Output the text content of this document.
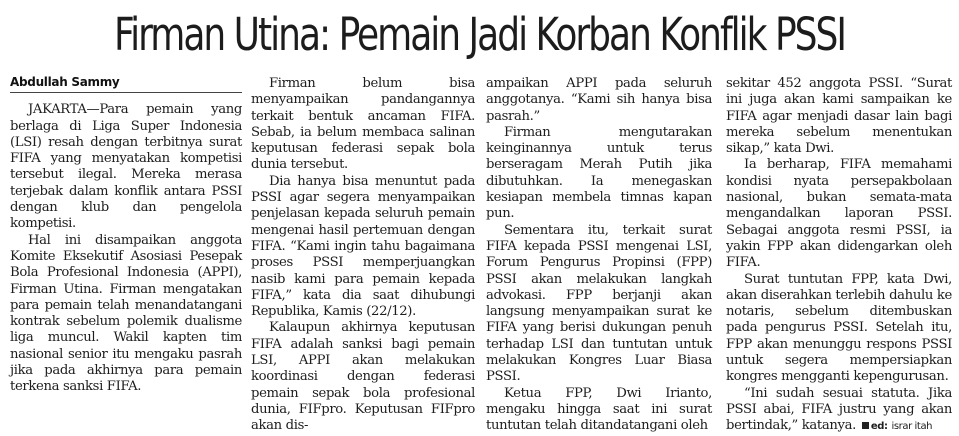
Firman Utina: Pemain Jadi Korban Konflik PSSI
Abdullah Sammy

JAKARTA—Para pemain yang berlaga di Liga Super Indonesia (LSI) resah dengan terbitnya surat FIFA yang menyatakan kompetisi tersebut ilegal. Mereka merasa terjebak dalam konflik antara PSSI dengan klub dan pengelola kompetisi.

Hal ini disampaikan anggota Komite Eksekutif Asosiasi Pesepak Bola Profesional Indonesia (APPI), Firman Utina. Firman mengatakan para pemain telah menandatangani kontrak sebelum polemik dualisme liga muncul. Wakil kapten tim nasional senior itu mengaku pasrah jika pada akhirnya para pemain terkena sanksi FIFA.

Firman belum bisa menyampaikan pandangannya terkait bentuk ancaman FIFA. Sebab, ia belum membaca salinan keputusan federasi sepak bola dunia tersebut.

Dia hanya bisa menuntut pada PSSI agar segera menyampaikan penjelasan kepada seluruh pemain mengenai hasil pertemuan dengan FIFA. “Kami ingin tahu bagaimana proses PSSI memperjuangkan nasib kami para pemain kepada FIFA,” kata dia saat dihubungi Republika, Kamis (22/12).

Kalaupun akhirnya keputusan FIFA adalah sanksi bagi pemain LSI, APPI akan melakukan koordinasi dengan federasi pemain sepak bola profesional dunia, FIFpro. Keputusan FIFpro akan dis-

ampaikan APPI pada seluruh anggotanya. “Kami sih hanya bisa pasrah.”

Firman mengutarakan keinginannya untuk terus berseragam Merah Putih jika dibutuhkan. Ia menegaskan kesiapan membela timnas kapan pun.

Sementara itu, terkait surat FIFA kepada PSSI mengenai LSI, Forum Pengurus Propinsi (FPP) PSSI akan melakukan langkah advokasi. FPP berjanji akan langsung menyampaikan surat ke FIFA yang berisi dukungan penuh terhadap LSI dan tuntutan untuk melakukan Kongres Luar Biasa PSSI.

Ketua FPP, Dwi Irianto, mengaku hingga saat ini surat tuntutan telah ditandatangani oleh

sekitar 452 anggota PSSI. “Surat ini juga akan kami sampaikan ke FIFA agar menjadi dasar lain bagi mereka sebelum menentukan sikap,” kata Dwi.

Ia berharap, FIFA memahami kondisi nyata persepakbolaan nasional, bukan semata-mata mengandalkan laporan PSSI. Sebagai anggota resmi PSSI, ia yakin FPP akan didengarkan oleh FIFA.

Surat tuntutan FPP, kata Dwi, akan diserahkan terlebih dahulu ke notaris, sebelum ditembuskan pada pengurus PSSI. Setelah itu, FPP akan menunggu respons PSSI untuk segera mempersiapkan kongres mengganti kepengurusan.

“Ini sudah sesuai statuta. Jika PSSI abai, FIFA justru yang akan bertindak,” katanya. ed: israr itah
